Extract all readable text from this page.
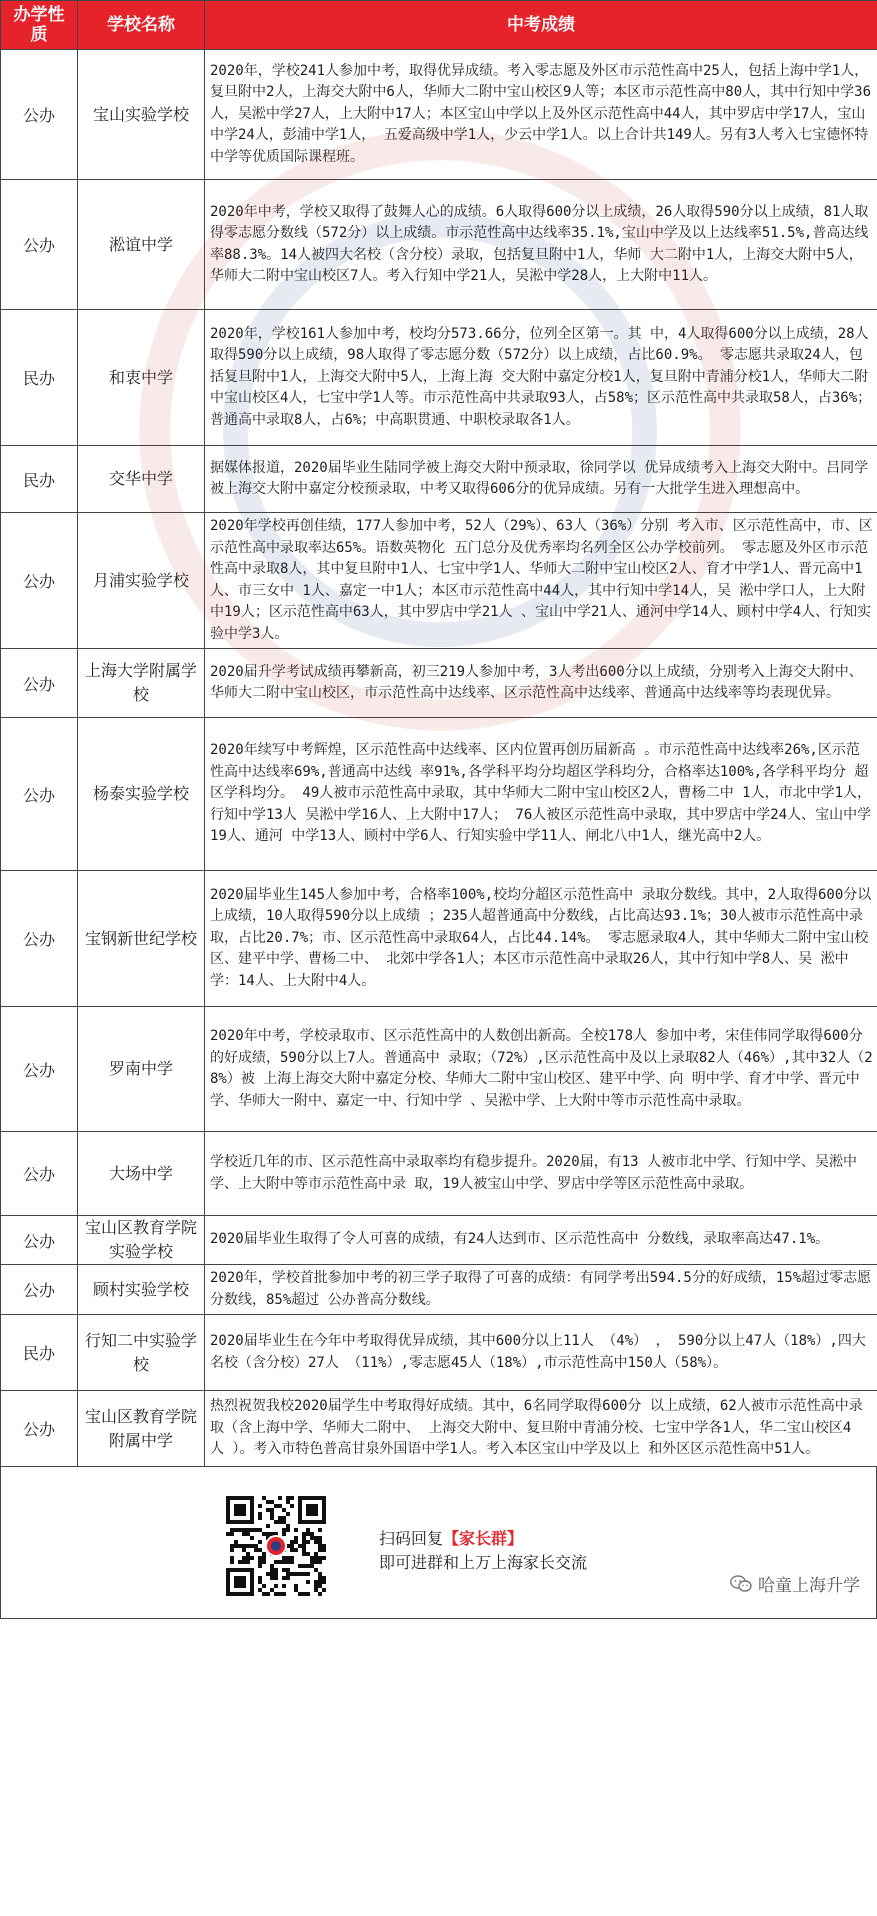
办学性质	学校名称	中考成绩
公办	宝山实验学校	2020年，学校241人参加中考，取得优异成绩。考入零志愿及外区市示范性高中25人，包括上海中学1人，复旦附中2人，上海交大附中6人，华师大二附中宝山校区9人等；本区市示范性高中80人，其中行知中学36人，吴淞中学27人，上大附中17人；本区宝山中学以上及外区示范性高中44人，其中罗店中学17人，宝山中学24人，彭浦中学1人， 五爱高级中学1人，少云中学1人。以上合计共149人。另有3人考入七宝德怀特中学等优质国际课程班。
公办	淞谊中学	2020年中考，学校又取得了鼓舞人心的成绩。6人取得600分以上成绩，26人取得590分以上成绩，81人取得零志愿分数线（572分）以上成绩。市示范性高中达线率35.1%,宝山中学及以上达线率51.5%,普高达线 率88.3%。14人被四大名校（含分校）录取，包括复旦附中1人，华师 大二附中1人，上海交大附中5人，华师大二附中宝山校区7人。考入行知中学21人，吴淞中学28人，上大附中11人。
民办	和衷中学	2020年，学校161人参加中考，校均分573.66分，位列全区第一。其 中，4人取得600分以上成绩，28人取得590分以上成绩，98人取得了零志愿分数（572分）以上成绩，占比60.9%。 零志愿共录取24人，包括复旦附中1人，上海交大附中5人，上海上海 交大附中嘉定分校1人，复旦附中青浦分校1人，华师大二附中宝山校区4人，七宝中学1人等。市示范性高中共录取93人，占58%；区示范性高中共录取58人，占36%；普通高中录取8人，占6%；中高职贯通、中职校录取各1人。
民办	交华中学	据媒体报道，2020届毕业生陆同学被上海交大附中预录取，徐同学以 优异成绩考入上海交大附中。吕同学被上海交大附中嘉定分校预录取，中考又取得606分的优异成绩。另有一大批学生进入理想高中。
公办	月浦实验学校	2020年学校再创佳绩，177人参加中考，52人（29%）、63人（36%）分别 考入市、区示范性高中，市、区示范性高中录取率达65%。语数英物化 五门总分及优秀率均名列全区公办学校前列。 零志愿及外区市示范性高中录取8人，其中复旦附中1人、七宝中学1人、华师大二附中宝山校区2人、育才中学1人、晋元高中1人、市三女中 1人、嘉定一中1人；本区市示范性高中44人，其中行知中学14人，吴 淞中学口人，上大附中19人；区示范性高中63人，其中罗店中学21人 、宝山中学21人、通河中学14人、顾村中学4人、行知实验中学3人。
公办	上海大学附属学校	2020届升学考试成绩再攀新高，初三219人参加中考，3人考出600分以上成绩，分别考入上海交大附中、华师大二附中宝山校区，市示范性高中达线率、区示范性高中达线率、普通高中达线率等均表现优异。
公办	杨泰实验学校	2020年续写中考辉煌，区示范性高中达线率、区内位置再创历届新高 。市示范性高中达线率26%,区示范性高中达线率69%,普通高中达线 率91%,各学科平均分均超区学科均分，合格率达100%,各学科平均分 超区学科均分。 49人被市示范性高中录取，其中华师大二附中宝山校区2人，曹杨二中 1人，市北中学1人，行知中学13人 吴淞中学16人、上大附中17人； 76人被区示范性高中录取，其中罗店中学24人、宝山中学19人、通河 中学13人、顾村中学6人、行知实验中学11人、闸北八中1人，继光高中2人。
公办	宝钢新世纪学校	2020届毕业生145人参加中考，合格率100%,校均分超区示范性高中 录取分数线。其中，2人取得600分以上成绩，10人取得590分以上成绩 ；235人超普通高中分数线，占比高达93.1%；30人被市示范性高中录 取，占比20.7%；市、区示范性高中录取64人，占比44.14%。 零志愿录取4人，其中华师大二附中宝山校区、建平中学、曹杨二中、 北郊中学各1人；本区市示范性高中录取26人，其中行知中学8人、吴 淞中学：14人、上大附中4人。
公办	罗南中学	2020年中考，学校录取市、区示范性高中的人数创出新高。全校178人 参加中考，宋佳伟同学取得600分的好成绩，590分以上7人。普通高中 录取；（72%）,区示范性高中及以上录取82人（46%）,其中32人（28%）被 上海上海交大附中嘉定分校、华师大二附中宝山校区、建平中学、向 明中学、育才中学、晋元中学、华师大一附中、嘉定一中、行知中学 、吴淞中学、上大附中等市示范性高中录取。
公办	大场中学	学校近几年的市、区示范性高中录取率均有稳步提升。2020届，有13 人被市北中学、行知中学、吴淞中学、上大附中等市示范性高中录 取，19人被宝山中学、罗店中学等区示范性高中录取。
公办	宝山区教育学院实验学校	2020届毕业生取得了令人可喜的成绩，有24人达到市、区示范性高中 分数线，录取率高达47.1%。
公办	顾村实验学校	2020年，学校首批参加中考的初三学子取得了可喜的成绩：有同学考出594.5分的好成绩，15%超过零志愿分数线，85%超过 公办普高分数线。
民办	行知二中实验学校	2020届毕业生在今年中考取得优异成绩，其中600分以上11人 （4%） ， 590分以上47人（18%）,四大名校（含分校）27人 （11%）,零志愿45人（18%）,市示范性高中150人（58%）。
公办	宝山区教育学院附属中学	热烈祝贺我校2020届学生中考取得好成绩。其中，6名同学取得600分 以上成绩，62人被市示范性高中录取（含上海中学、华师大二附中、 上海交大附中、复旦附中青浦分校、七宝中学各1人，华二宝山校区4 人 ）。考入市特色普高甘泉外国语中学1人。考入本区宝山中学及以上 和外区区示范性高中51人。
扫码回复【家长群】
即可进群和上万上海家长交流
哈童上海升学
